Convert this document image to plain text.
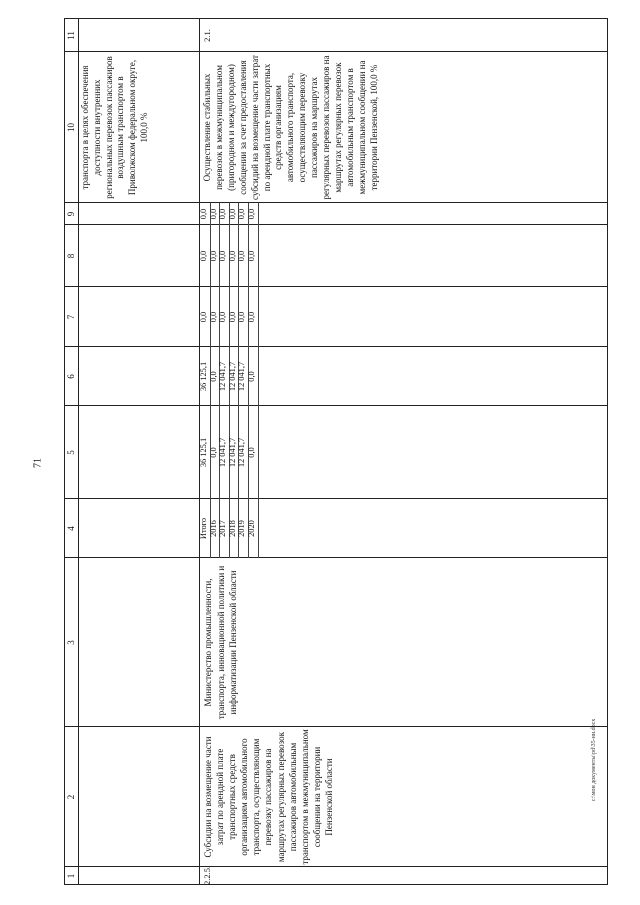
71
c:\мои документы\pd\35-ни.docx
1
2
3
4
5
6
7
8
9
10
11
транспорта в целях обеспечения доступности внутренних региональных перевозок пассажиров воздушным транспортом в Приволжском федеральном округе, 100,0 %
2.2.5.
Субсидии на возмещение части затрат по арендной плате транспортных средств организациям автомобильного транспорта, осуществляющим перевозку пассажиров на маршрутах регулярных перевозок пассажиров автомобильным транспортом в межмуниципальном сообщении на территории Пензенской области
Министерство промышленности, транспорта, инновационной политики и информатизации Пензенской области
Осуществление стабильных перевозок в межмуниципальном (пригородном и междугородном) сообщении за счет предоставления субсидий на возмещение части затрат по арендной плате транспортных средств организациям автомобильного транспорта, осуществляющим перевозку пассажиров на маршрутах регулярных перевозок пассажиров на маршрутах регулярных перевозок автомобильным транспортом в межмуниципальном сообщении на территории Пензенской, 100,0 %
2.1.
Итого
36 125,1
36 125,1
0,0
0,0
0,0
2016
0,0
0,0
0,0
0,0
0,0
2017
12 041,7
12 041,7
0,0
0,0
0,0
2018
12 041,7
12 041,7
0,0
0,0
0,0
2019
12 041,7
12 041,7
0,0
0,0
0,0
2020
0,0
0,0
0,0
0,0
0,0
